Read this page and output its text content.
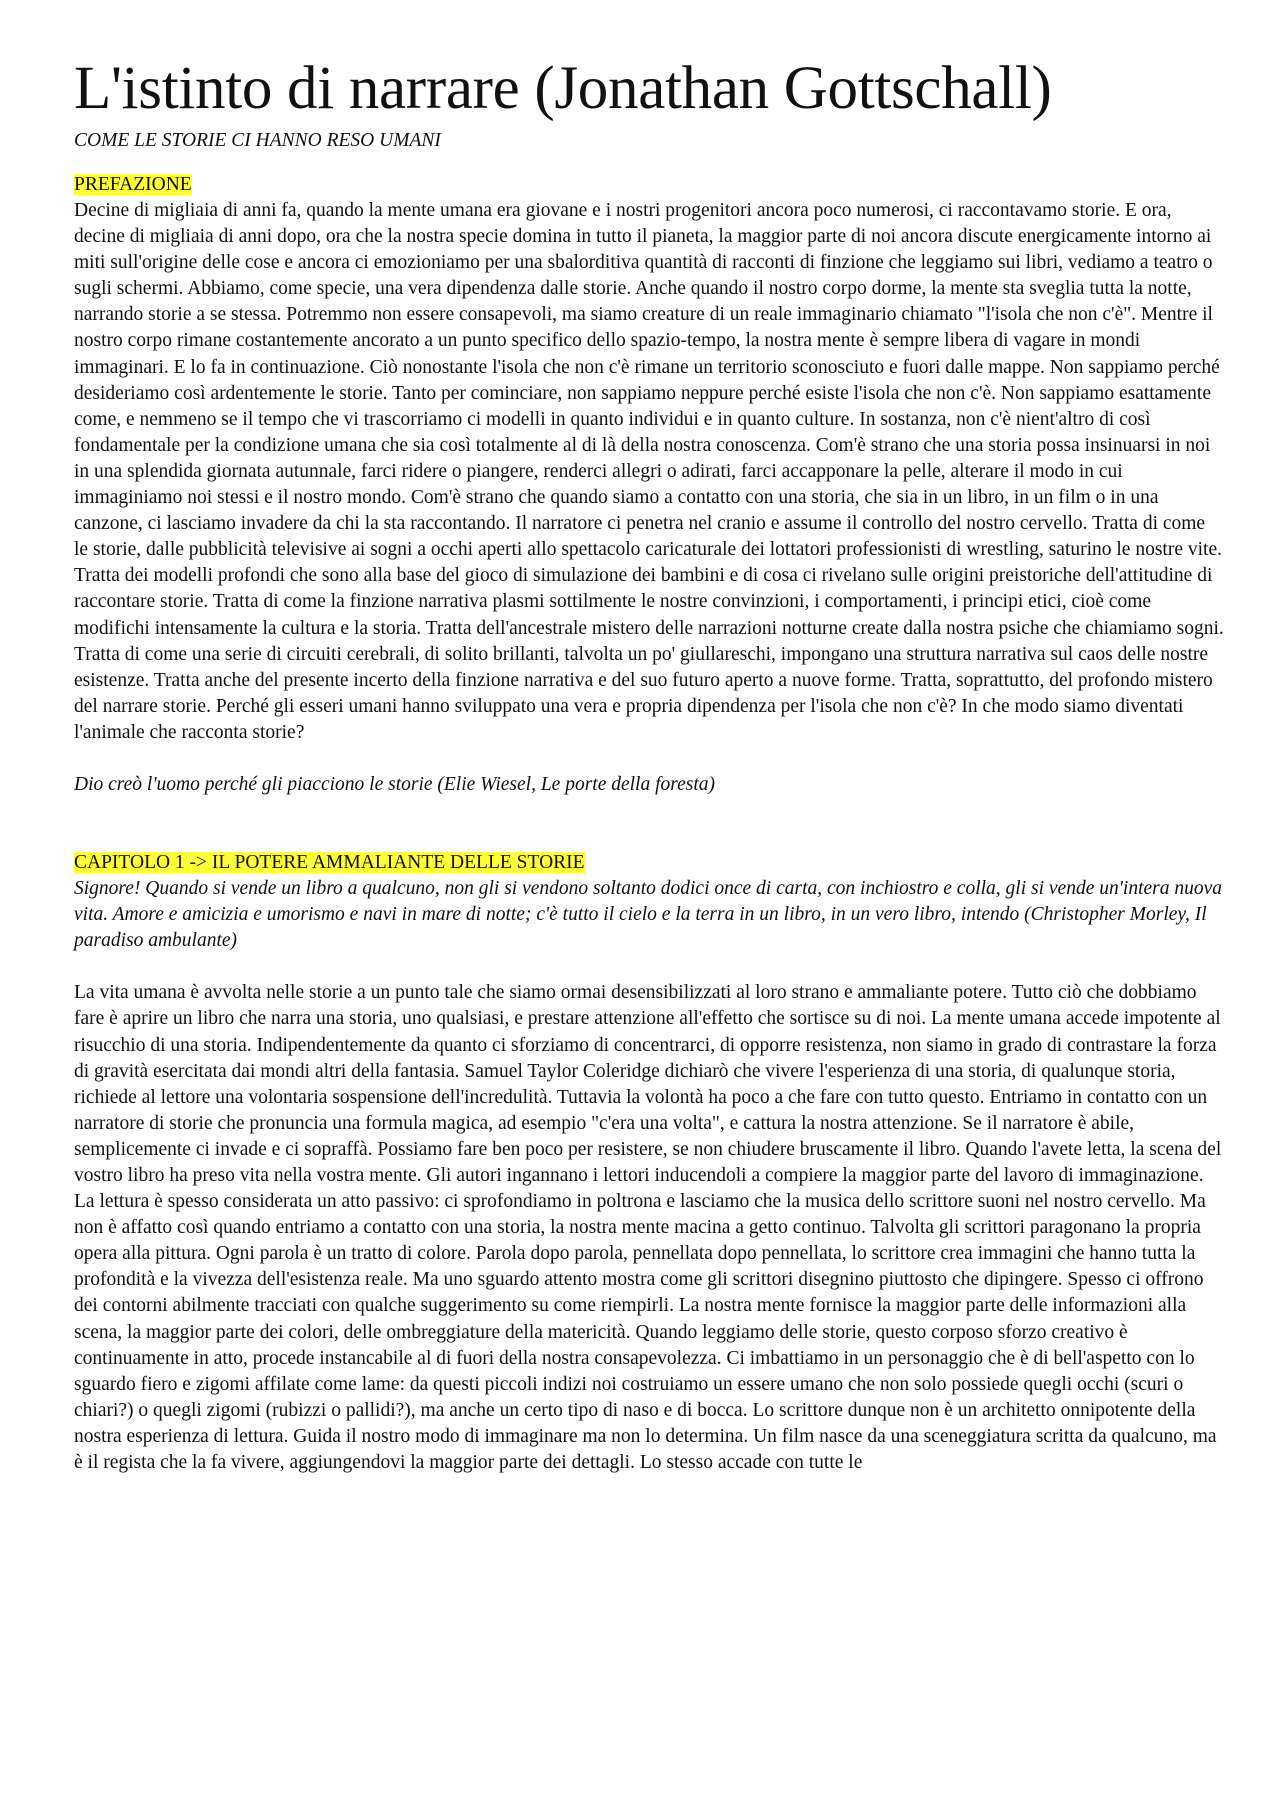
L'istinto di narrare (Jonathan Gottschall)

COME LE STORIE CI HANNO RESO UMANI

PREFAZIONE

Decine di migliaia di anni fa, quando la mente umana era giovane e i nostri progenitori ancora poco numerosi, ci raccontavamo storie. E ora, decine di migliaia di anni dopo, ora che la nostra specie domina in tutto il pianeta, la maggior parte di noi ancora discute energicamente intorno ai miti sull'origine delle cose e ancora ci emozioniamo per una sbalorditiva quantità di racconti di finzione che leggiamo sui libri, vediamo a teatro o sugli schermi. Abbiamo, come specie, una vera dipendenza dalle storie. Anche quando il nostro corpo dorme, la mente sta sveglia tutta la notte, narrando storie a se stessa. Potremmo non essere consapevoli, ma siamo creature di un reale immaginario chiamato "l'isola che non c'è". Mentre il nostro corpo rimane costantemente ancorato a un punto specifico dello spazio-tempo, la nostra mente è sempre libera di vagare in mondi immaginari. E lo fa in continuazione. Ciò nonostante l'isola che non c'è rimane un territorio sconosciuto e fuori dalle mappe. Non sappiamo perché desideriamo così ardentemente le storie. Tanto per cominciare, non sappiamo neppure perché esiste l'isola che non c'è. Non sappiamo esattamente come, e nemmeno se il tempo che vi trascorriamo ci modelli in quanto individui e in quanto culture. In sostanza, non c'è nient'altro di così fondamentale per la condizione umana che sia così totalmente al di là della nostra conoscenza. Com'è strano che una storia possa insinuarsi in noi in una splendida giornata autunnale, farci ridere o piangere, renderci allegri o adirati, farci accapponare la pelle, alterare il modo in cui immaginiamo noi stessi e il nostro mondo. Com'è strano che quando siamo a contatto con una storia, che sia in un libro, in un film o in una canzone, ci lasciamo invadere da chi la sta raccontando. Il narratore ci penetra nel cranio e assume il controllo del nostro cervello. Tratta di come le storie, dalle pubblicità televisive ai sogni a occhi aperti allo spettacolo caricaturale dei lottatori professionisti di wrestling, saturino le nostre vite. Tratta dei modelli profondi che sono alla base del gioco di simulazione dei bambini e di cosa ci rivelano sulle origini preistoriche dell'attitudine di raccontare storie. Tratta di come la finzione narrativa plasmi sottilmente le nostre convinzioni, i comportamenti, i principi etici, cioè come modifichi intensamente la cultura e la storia. Tratta dell'ancestrale mistero delle narrazioni notturne create dalla nostra psiche che chiamiamo sogni. Tratta di come una serie di circuiti cerebrali, di solito brillanti, talvolta un po' giullareschi, impongano una struttura narrativa sul caos delle nostre esistenze. Tratta anche del presente incerto della finzione narrativa e del suo futuro aperto a nuove forme. Tratta, soprattutto, del profondo mistero del narrare storie. Perché gli esseri umani hanno sviluppato una vera e propria dipendenza per l'isola che non c'è? In che modo siamo diventati l'animale che racconta storie?

Dio creò l'uomo perché gli piacciono le storie (Elie Wiesel, Le porte della foresta)

CAPITOLO 1 -> IL POTERE AMMALIANTE DELLE STORIE

Signore! Quando si vende un libro a qualcuno, non gli si vendono soltanto dodici once di carta, con inchiostro e colla, gli si vende un'intera nuova vita. Amore e amicizia e umorismo e navi in mare di notte; c'è tutto il cielo e la terra in un libro, in un vero libro, intendo (Christopher Morley, Il paradiso ambulante)

La vita umana è avvolta nelle storie a un punto tale che siamo ormai desensibilizzati al loro strano e ammaliante potere. Tutto ciò che dobbiamo fare è aprire un libro che narra una storia, uno qualsiasi, e prestare attenzione all'effetto che sortisce su di noi. La mente umana accede impotente al risucchio di una storia. Indipendentemente da quanto ci sforziamo di concentrarci, di opporre resistenza, non siamo in grado di contrastare la forza di gravità esercitata dai mondi altri della fantasia. Samuel Taylor Coleridge dichiarò che vivere l'esperienza di una storia, di qualunque storia, richiede al lettore una volontaria sospensione dell'incredulità. Tuttavia la volontà ha poco a che fare con tutto questo. Entriamo in contatto con un narratore di storie che pronuncia una formula magica, ad esempio "c'era una volta", e cattura la nostra attenzione. Se il narratore è abile, semplicemente ci invade e ci sopraffà. Possiamo fare ben poco per resistere, se non chiudere bruscamente il libro. Quando l'avete letta, la scena del vostro libro ha preso vita nella vostra mente. Gli autori ingannano i lettori inducendoli a compiere la maggior parte del lavoro di immaginazione. La lettura è spesso considerata un atto passivo: ci sprofondiamo in poltrona e lasciamo che la musica dello scrittore suoni nel nostro cervello. Ma non è affatto così quando entriamo a contatto con una storia, la nostra mente macina a getto continuo. Talvolta gli scrittori paragonano la propria opera alla pittura. Ogni parola è un tratto di colore. Parola dopo parola, pennellata dopo pennellata, lo scrittore crea immagini che hanno tutta la profondità e la vivezza dell'esistenza reale. Ma uno sguardo attento mostra come gli scrittori disegnino piuttosto che dipingere. Spesso ci offrono dei contorni abilmente tracciati con qualche suggerimento su come riempirli. La nostra mente fornisce la maggior parte delle informazioni alla scena, la maggior parte dei colori, delle ombreggiature della matericità. Quando leggiamo delle storie, questo corposo sforzo creativo è continuamente in atto, procede instancabile al di fuori della nostra consapevolezza. Ci imbattiamo in un personaggio che è di bell'aspetto con lo sguardo fiero e zigomi affilate come lame: da questi piccoli indizi noi costruiamo un essere umano che non solo possiede quegli occhi (scuri o chiari?) o quegli zigomi (rubizzi o pallidi?), ma anche un certo tipo di naso e di bocca. Lo scrittore dunque non è un architetto onnipotente della nostra esperienza di lettura. Guida il nostro modo di immaginare ma non lo determina. Un film nasce da una sceneggiatura scritta da qualcuno, ma è il regista che la fa vivere, aggiungendovi la maggior parte dei dettagli. Lo stesso accade con tutte le
